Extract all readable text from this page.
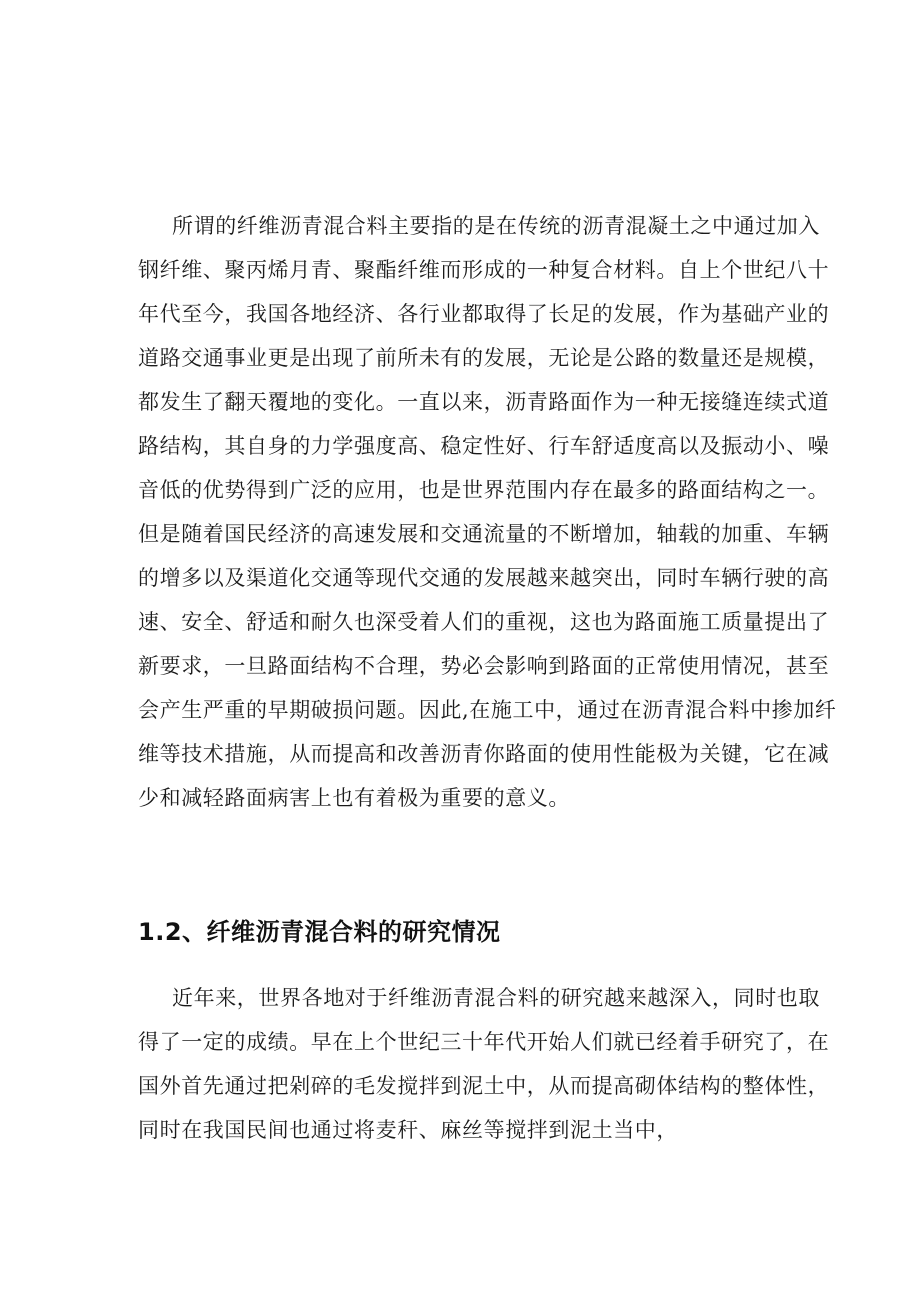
所谓的纤维沥青混合料主要指的是在传统的沥青混凝土之中通过加入
钢纤维、聚丙烯月青、聚酯纤维而形成的一种复合材料。自上个世纪八十
年代至今，我国各地经济、各行业都取得了长足的发展，作为基础产业的
道路交通事业更是出现了前所未有的发展，无论是公路的数量还是规模，
都发生了翻天覆地的变化。一直以来，沥青路面作为一种无接缝连续式道
路结构，其自身的力学强度高、稳定性好、行车舒适度高以及振动小、噪
音低的优势得到广泛的应用，也是世界范围内存在最多的路面结构之一。
但是随着国民经济的高速发展和交通流量的不断增加，轴载的加重、车辆
的增多以及渠道化交通等现代交通的发展越来越突出，同时车辆行驶的高
速、安全、舒适和耐久也深受着人们的重视，这也为路面施工质量提出了
新要求，一旦路面结构不合理，势必会影响到路面的正常使用情况，甚至
会产生严重的早期破损问题。因此,在施工中，通过在沥青混合料中掺加纤
维等技术措施，从而提高和改善沥青你路面的使用性能极为关键，它在减
少和减轻路面病害上也有着极为重要的意义。
1.2、纤维沥青混合料的研究情况
近年来，世界各地对于纤维沥青混合料的研究越来越深入，同时也取
得了一定的成绩。早在上个世纪三十年代开始人们就已经着手研究了，在
国外首先通过把剁碎的毛发搅拌到泥土中，从而提高砌体结构的整体性，
同时在我国民间也通过将麦秆、麻丝等搅拌到泥土当中，
